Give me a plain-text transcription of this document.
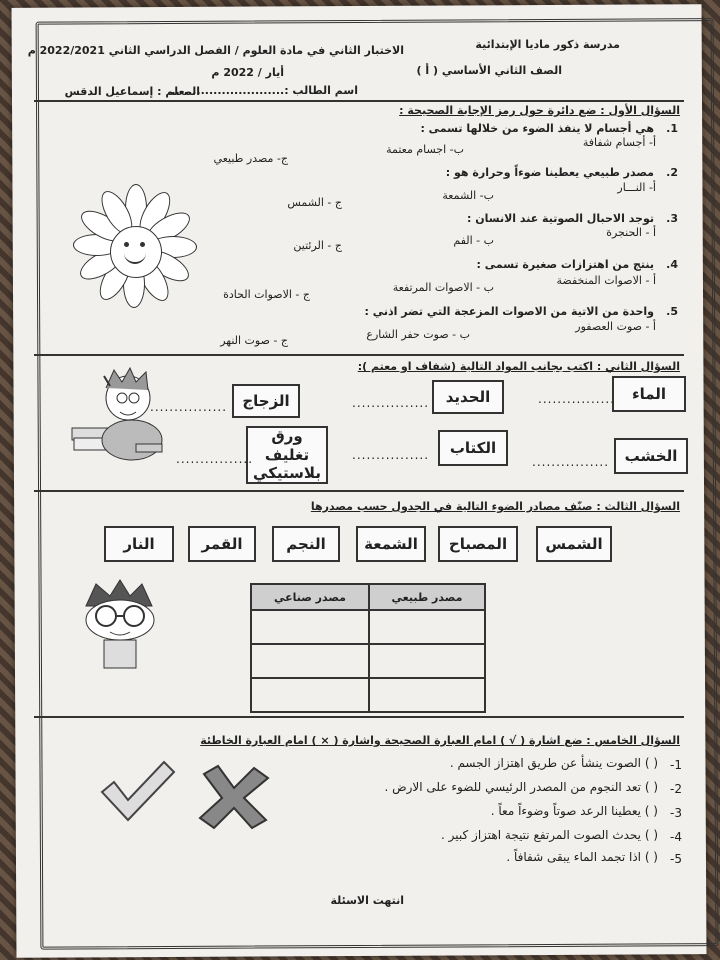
مدرسة ذكور ماديا الإبتدائية
الصف الثاني الأساسي ( أ )
الاختبار الثاني في مادة العلوم / الفصل الدراسي الثاني 2022/2021 م
أيار / 2022 م
اسم الطالب :............................
المعلم : إسماعيل الدقس
السؤال الأول : ضع دائرة حول رمز الإجابة الصحيحة :
1.
هي أجسام لا ينفذ الضوء من خلالها تسمى :
أ- أجسام شفافة
ب- اجسام معتمة
ج- مصدر طبيعي
2.
مصدر طبيعي يعطينا ضوءاً وحرارة هو :
أ- النـــار
ب- الشمعة
ج - الشمس
3.
توجد الاحبال الصوتية عند الانسان :
أ - الحنجرة
ب - الفم
ج - الرئتين
4.
ينتج من اهتزازات صغيرة تسمى :
أ - الاصوات المنخفضة
ب - الاصوات المرتفعة
ج - الاصوات الحادة
5.
واحدة من الاتية من الاصوات المزعجة التي تضر اذني :
أ - صوت العصفور
ب - صوت حفر الشارع
ج - صوت النهر
السؤال الثاني : اكتب بجانب المواد التالية (شفاف او معتم ):
الماء
................
الحديد
................
الزجاج
................
الخشب
................
الكتاب
................
ورق تغليف بلاستيكي
................
السؤال الثالث : صنّف مصادر الضوء التالية في الجدول حسب مصدرها
الشمس
المصباح
الشمعة
النجم
القمر
النار
مصدر طبيعي	مصدر صناعي

السؤال الخامس : ضع اشارة ( √ ) امام العبارة الصحيحة واشارة ( × ) امام العبارة الخاطئة
1-
( ) الصوت ينشأ عن طريق اهتزاز الجسم .
2-
( ) تعد النجوم من المصدر الرئيسي للضوء على الارض .
3-
( ) يعطينا الرعد صوتاً وضوءاً معاً .
4-
( ) يحدث الصوت المرتفع نتيجة اهتزاز كبير .
5-
( ) اذا تجمد الماء يبقى شفافاً .
انتهت الاسئلة
